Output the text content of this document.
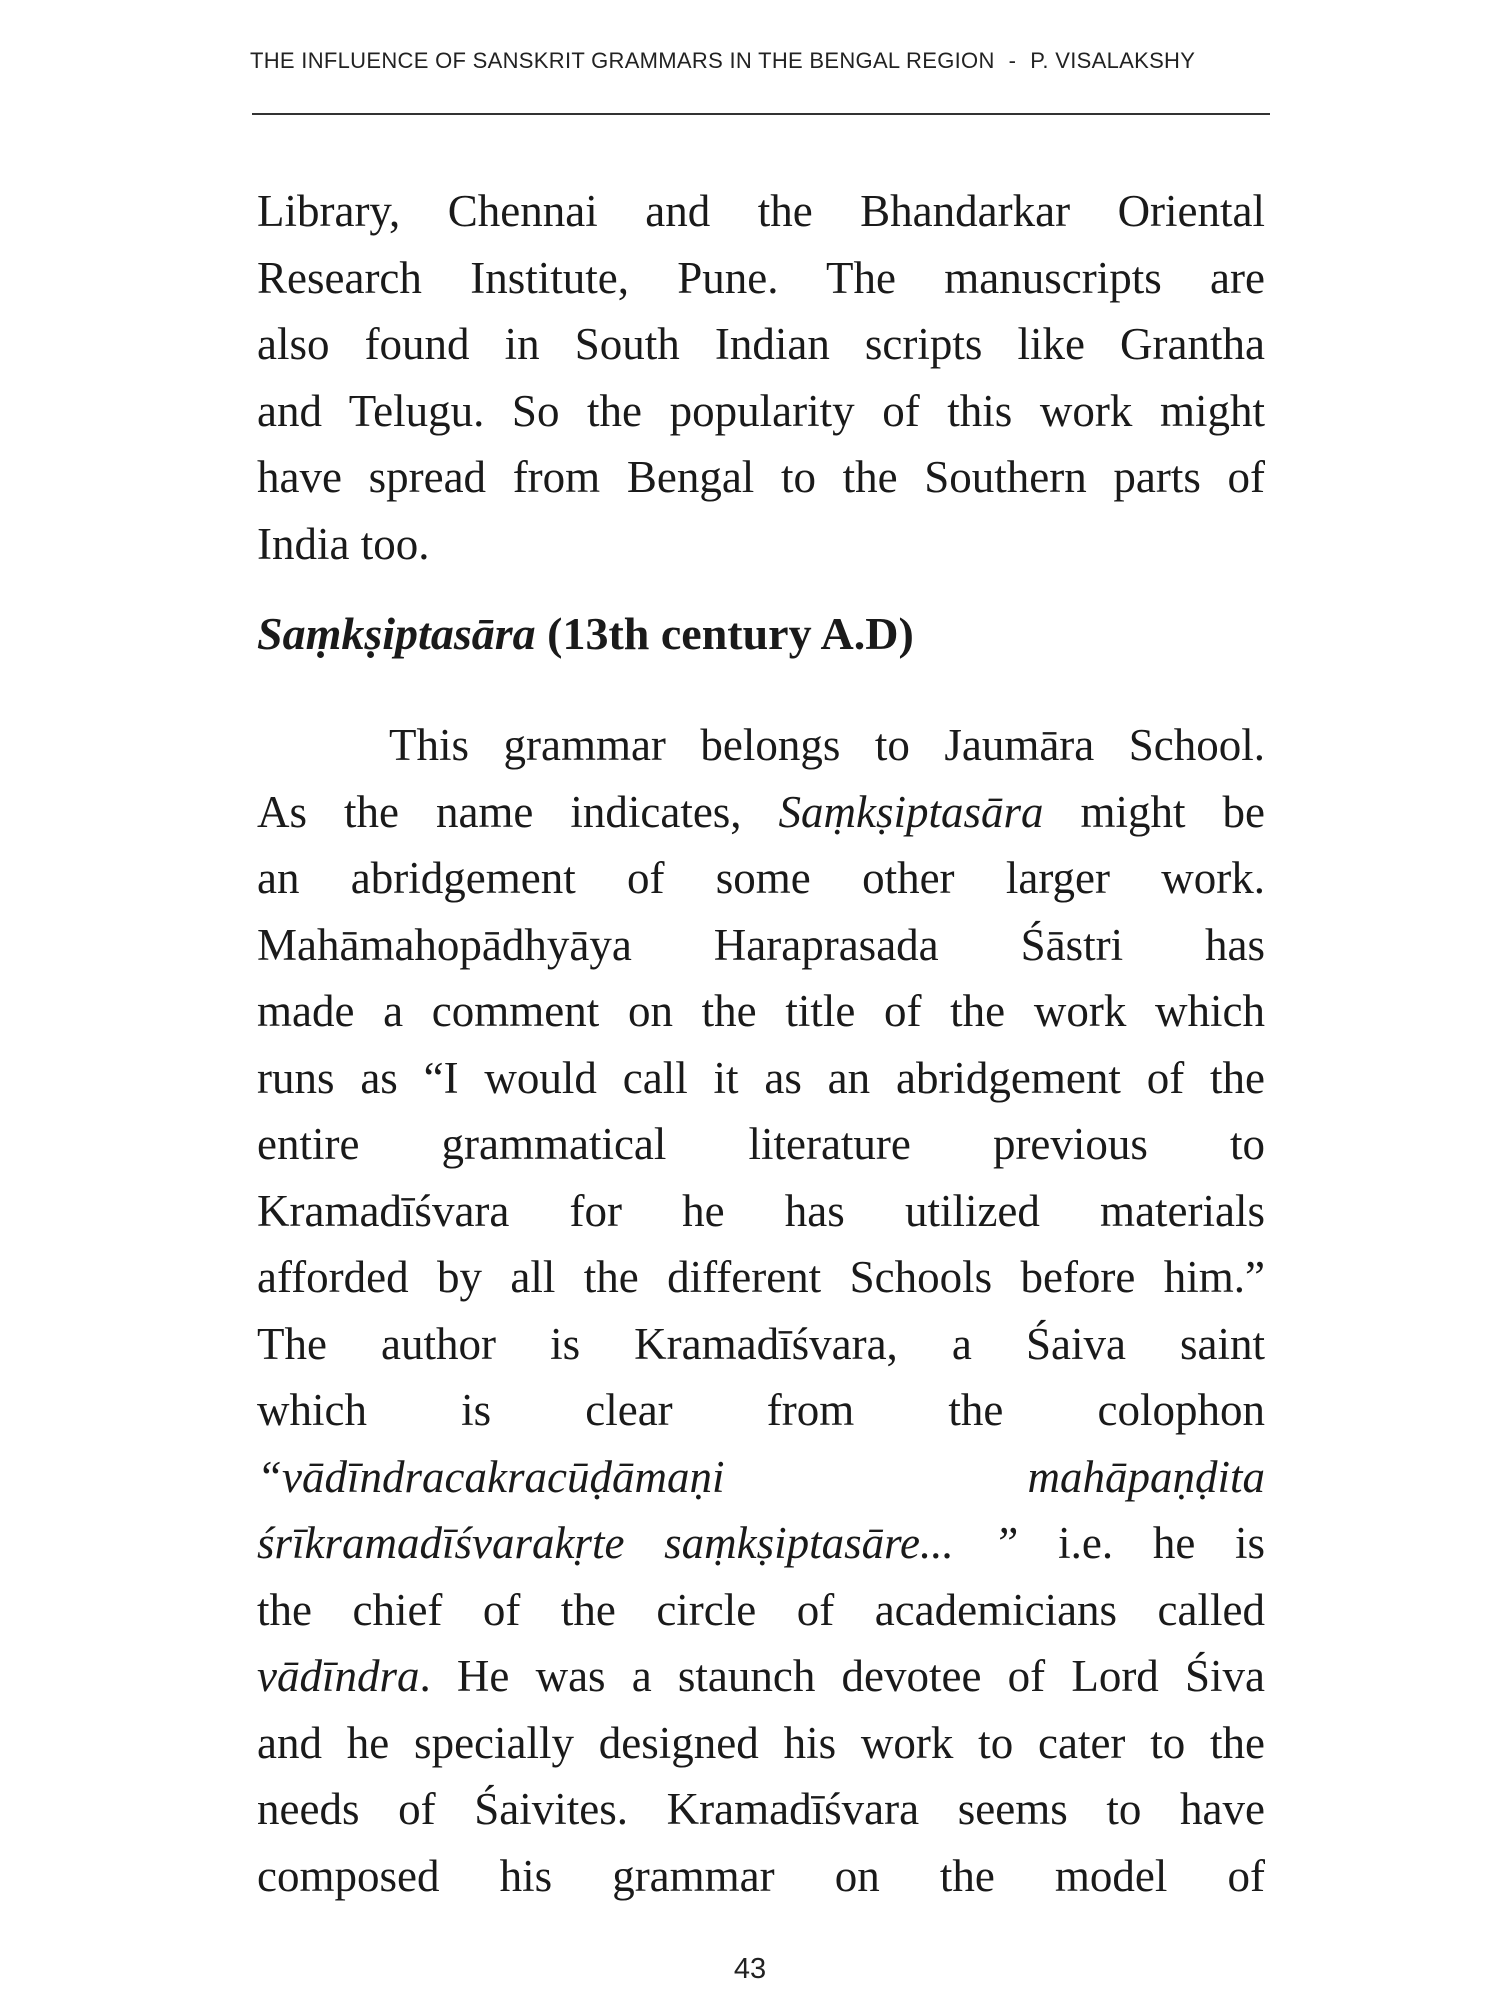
THE INFLUENCE OF SANSKRIT GRAMMARS IN THE BENGAL REGION - P. VISALAKSHY
Library, Chennai and the Bhandarkar Oriental
Research Institute, Pune. The manuscripts are
also found in South Indian scripts like Grantha
and Telugu. So the popularity of this work might
have spread from Bengal to the Southern parts of
India too.
Saṃkṣiptasāra (13th century A.D)
This grammar belongs to Jaumāra School.
As the name indicates, Saṃkṣiptasāra might be
an abridgement of some other larger work.
Mahāmahopādhyāya Haraprasada Śāstri has
made a comment on the title of the work which
runs as “I would call it as an abridgement of the
entire grammatical literature previous to
Kramadīśvara for he has utilized materials
afforded by all the different Schools before him.”
The author is Kramadīśvara, a Śaiva saint
which is clear from the colophon
“vādīndracakracūḍāmaṇi mahāpaṇḍita
śrīkramadīśvarakṛte saṃkṣiptasāre... ” i.e. he is
the chief of the circle of academicians called
vādīndra. He was a staunch devotee of Lord Śiva
and he specially designed his work to cater to the
needs of Śaivites. Kramadīśvara seems to have
composed his grammar on the model of
43
